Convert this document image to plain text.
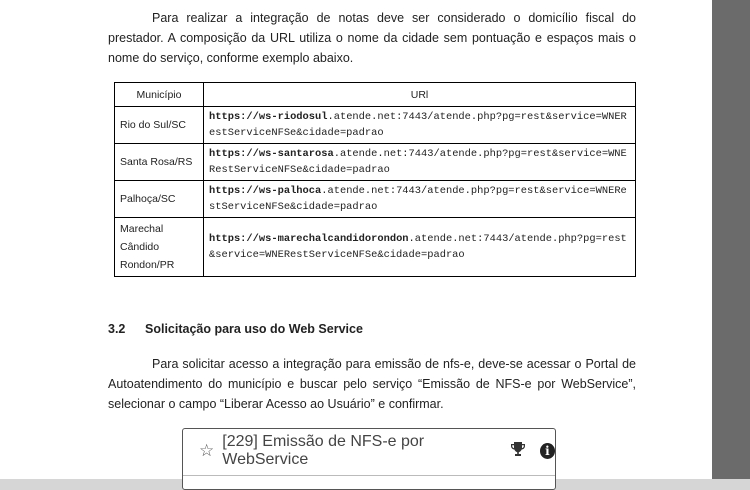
Para realizar a integração de notas deve ser considerado o domicílio fiscal do prestador. A composição da URL utiliza o nome da cidade sem pontuação e espaços mais o nome do serviço, conforme exemplo abaixo.

Município	URl
Rio do Sul/SC	https://ws-riodosul.atende.net:7443/atende.php?pg=rest&service=WNERestServiceNFSe&cidade=padrao
Santa Rosa/RS	https://ws-santarosa.atende.net:7443/atende.php?pg=rest&service=WNERestServiceNFSe&cidade=padrao
Palhoça/SC	https://ws-palhoca.atende.net:7443/atende.php?pg=rest&service=WNERestServiceNFSe&cidade=padrao
Marechal Cândido Rondon/PR	https://ws-marechalcandidorondon.atende.net:7443/atende.php?pg=rest&service=WNERestServiceNFSe&cidade=padrao
3.2 Solicitação para uso do Web Service

Para solicitar acesso a integração para emissão de nfs-e, deve-se acessar o Portal de Autoatendimento do município e buscar pelo serviço “Emissão de NFS-e por WebService”, selecionar o campo “Liberar Acesso ao Usuário” e confirmar.

☆ [229] Emissão de NFS-e por WebService	i
